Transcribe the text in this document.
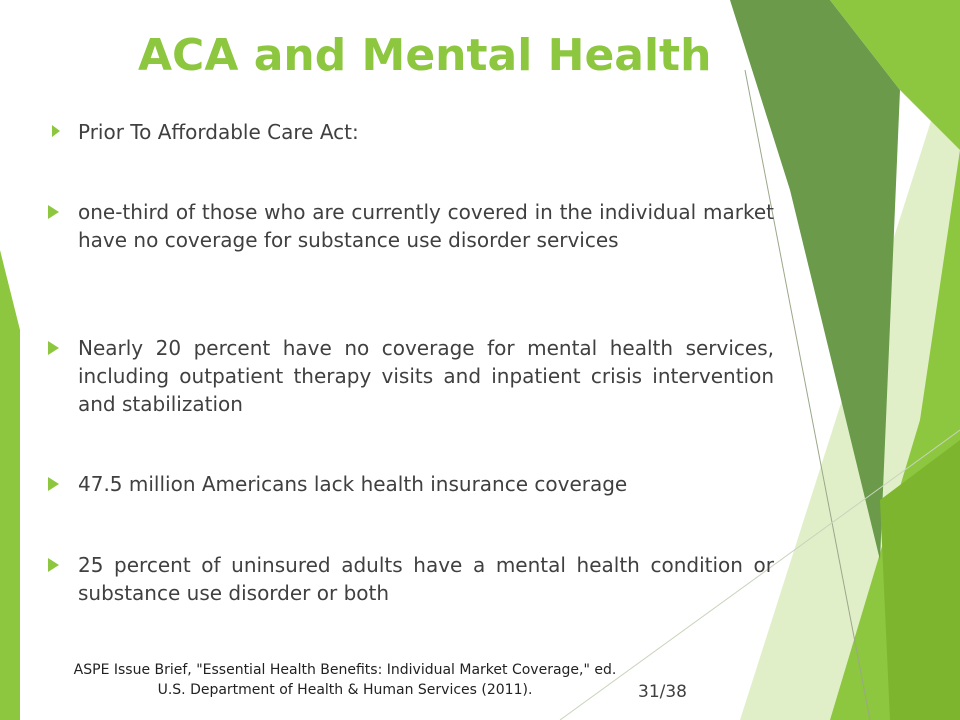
ACA and Mental Health
Prior To Affordable Care Act:
one-third of those who are currently covered in the individual market have no coverage for substance use disorder services
Nearly 20 percent have no coverage for mental health services, including outpatient therapy visits and inpatient crisis intervention and stabilization
47.5 million Americans lack health insurance coverage
25 percent of uninsured adults have a mental health condition or substance use disorder or both
ASPE Issue Brief, "Essential Health Benefits: Individual Market Coverage," ed.
U.S. Department of Health & Human Services (2011).	31/38
